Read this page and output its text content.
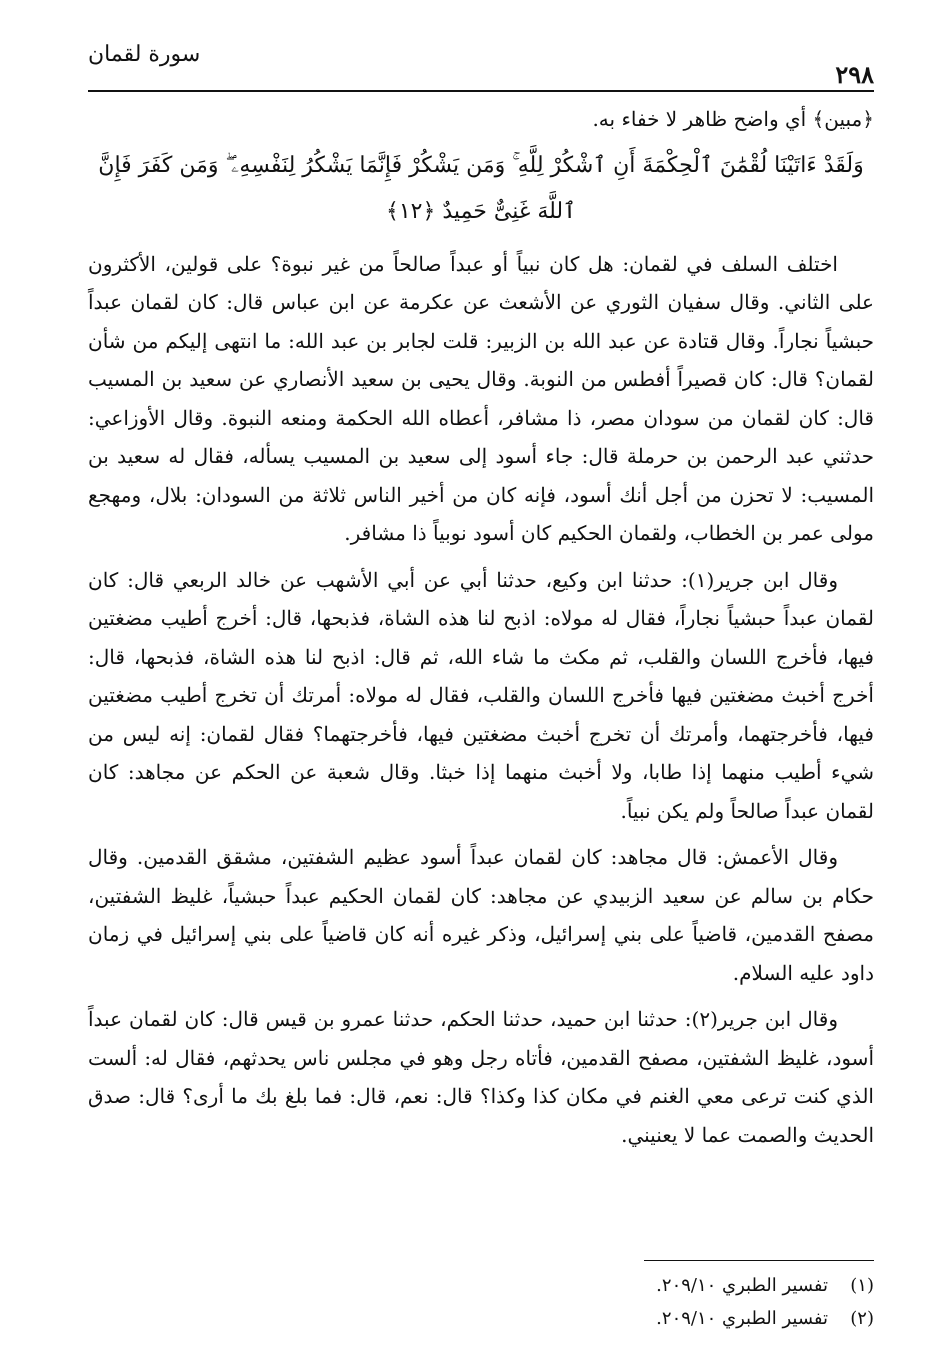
٢٩٨
سورة لقمان

﴿مبين﴾ أي واضح ظاهر لا خفاء به.

وَلَقَدْ ءَاتَيْنَا لُقْمَٰنَ ٱلْحِكْمَةَ أَنِ ٱشْكُرْ لِلَّهِ ۚ وَمَن يَشْكُرْ فَإِنَّمَا يَشْكُرُ لِنَفْسِهِۦ ۖ وَمَن كَفَرَ فَإِنَّ ٱللَّهَ غَنِىٌّ حَمِيدٌ ﴿١٢﴾

اختلف السلف في لقمان: هل كان نبياً أو عبداً صالحاً من غير نبوة؟ على قولين، الأكثرون على الثاني. وقال سفيان الثوري عن الأشعث عن عكرمة عن ابن عباس قال: كان لقمان عبداً حبشياً نجاراً. وقال قتادة عن عبد الله بن الزبير: قلت لجابر بن عبد الله: ما انتهى إليكم من شأن لقمان؟ قال: كان قصيراً أفطس من النوبة. وقال يحيى بن سعيد الأنصاري عن سعيد بن المسيب قال: كان لقمان من سودان مصر، ذا مشافر، أعطاه الله الحكمة ومنعه النبوة. وقال الأوزاعي: حدثني عبد الرحمن بن حرملة قال: جاء أسود إلى سعيد بن المسيب يسأله، فقال له سعيد بن المسيب: لا تحزن من أجل أنك أسود، فإنه كان من أخير الناس ثلاثة من السودان: بلال، ومهجع مولى عمر بن الخطاب، ولقمان الحكيم كان أسود نوبياً ذا مشافر.

وقال ابن جرير(١): حدثنا ابن وكيع، حدثنا أبي عن أبي الأشهب عن خالد الربعي قال: كان لقمان عبداً حبشياً نجاراً، فقال له مولاه: اذبح لنا هذه الشاة، فذبحها، قال: أخرج أطيب مضغتين فيها، فأخرج اللسان والقلب، ثم مكث ما شاء الله، ثم قال: اذبح لنا هذه الشاة، فذبحها، قال: أخرج أخبث مضغتين فيها فأخرج اللسان والقلب، فقال له مولاه: أمرتك أن تخرج أطيب مضغتين فيها، فأخرجتهما، وأمرتك أن تخرج أخبث مضغتين فيها، فأخرجتهما؟ فقال لقمان: إنه ليس من شيء أطيب منهما إذا طابا، ولا أخبث منهما إذا خبثا. وقال شعبة عن الحكم عن مجاهد: كان لقمان عبداً صالحاً ولم يكن نبياً.

وقال الأعمش: قال مجاهد: كان لقمان عبداً أسود عظيم الشفتين، مشقق القدمين. وقال حكام بن سالم عن سعيد الزبيدي عن مجاهد: كان لقمان الحكيم عبداً حبشياً، غليظ الشفتين، مصفح القدمين، قاضياً على بني إسرائيل، وذكر غيره أنه كان قاضياً على بني إسرائيل في زمان داود عليه السلام.

وقال ابن جرير(٢): حدثنا ابن حميد، حدثنا الحكم، حدثنا عمرو بن قيس قال: كان لقمان عبداً أسود، غليظ الشفتين، مصفح القدمين، فأتاه رجل وهو في مجلس ناس يحدثهم، فقال له: ألست الذي كنت ترعى معي الغنم في مكان كذا وكذا؟ قال: نعم، قال: فما بلغ بك ما أرى؟ قال: صدق الحديث والصمت عما لا يعنيني.

(١)
تفسير الطبري ٢٠٩/١٠.
(٢)
تفسير الطبري ٢٠٩/١٠.
